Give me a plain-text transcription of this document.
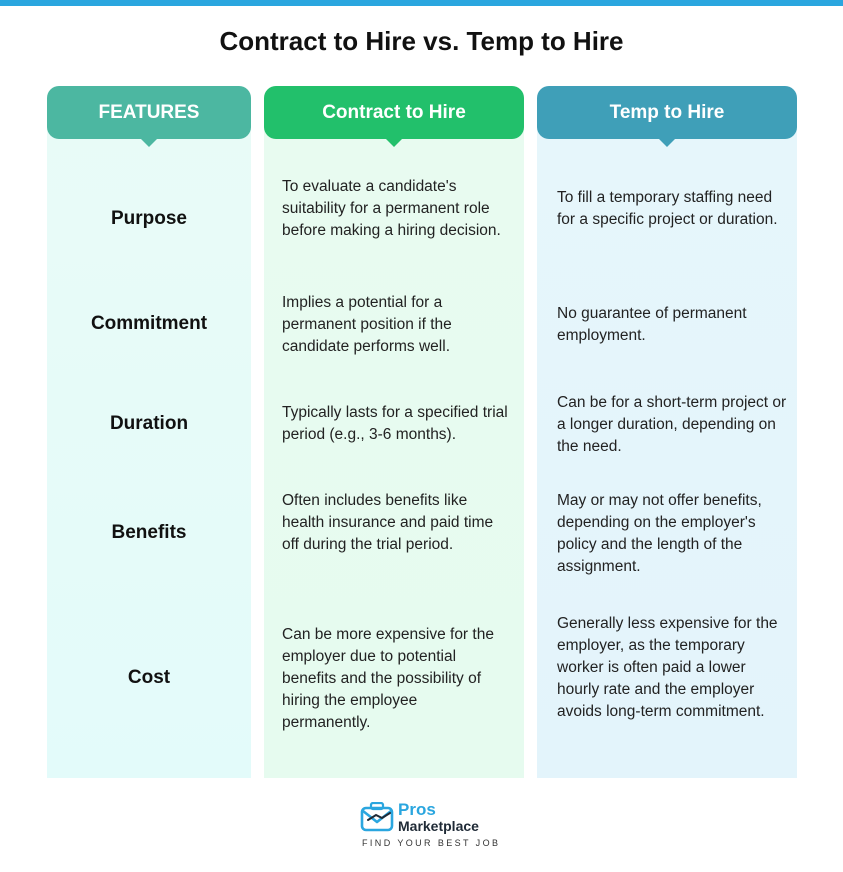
Contract to Hire vs. Temp to Hire
FEATURES
Purpose
Commitment
Duration
Benefits
Cost
Contract to Hire
To evaluate a candidate's suitability for a permanent role before making a hiring decision.
Implies a potential for a permanent position if the candidate performs well.
Typically lasts for a specified trial period (e.g., 3-6 months).
Often includes benefits like health insurance and paid time off during the trial period.
Can be more expensive for the employer due to potential benefits and the possibility of hiring the employee permanently.
Temp to Hire
To fill a temporary staffing need for a specific project or duration.
No guarantee of permanent employment.
Can be for a short-term project or a longer duration, depending on the need.
May or may not offer benefits, depending on the employer's policy and the length of the assignment.
Generally less expensive for the employer, as the temporary worker is often paid a lower hourly rate and the employer avoids long-term commitment.
Pros
Marketplace
FIND YOUR BEST JOB
